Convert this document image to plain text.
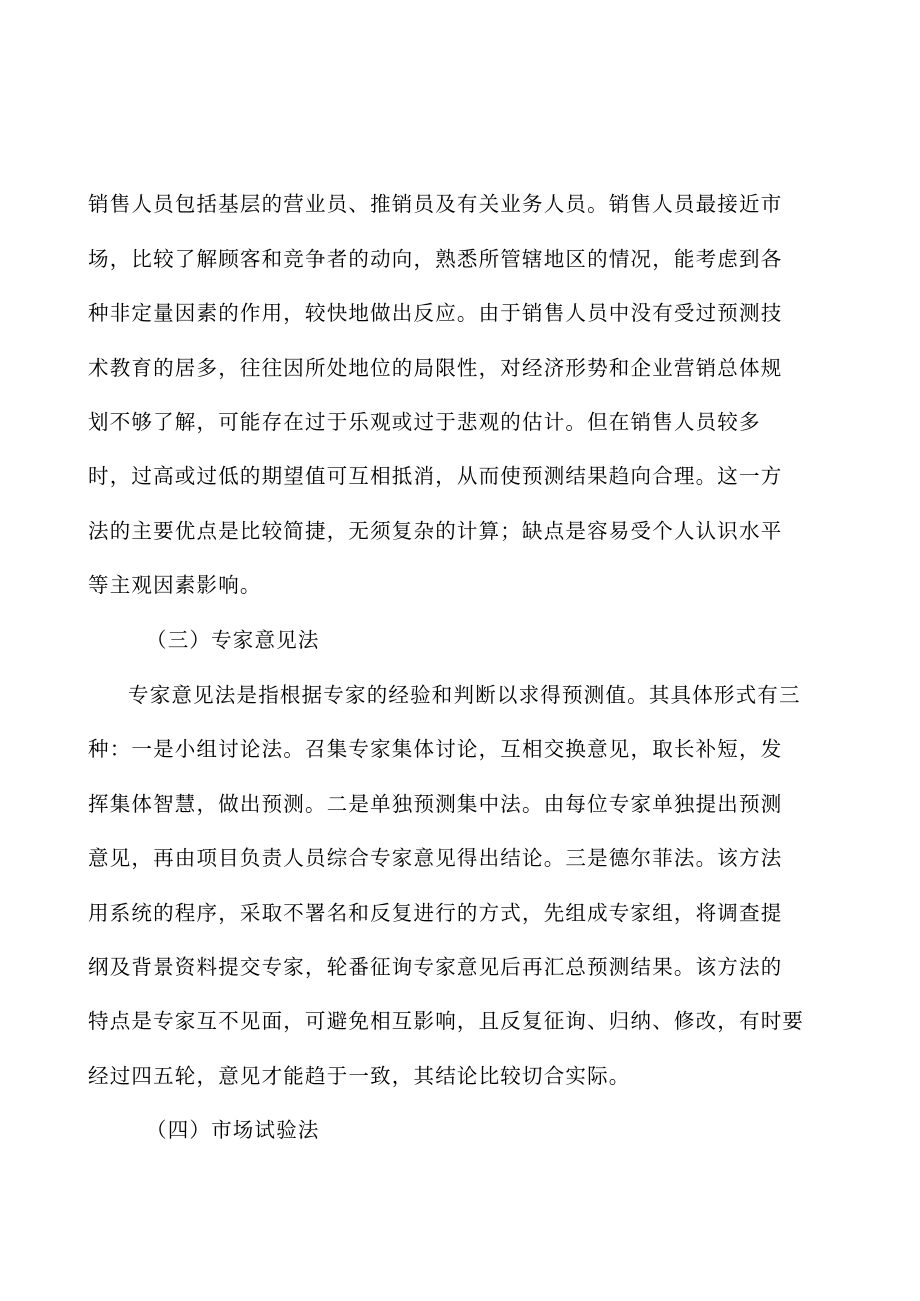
销售人员包括基层的营业员、推销员及有关业务人员。销售人员最接近市
场，比较了解顾客和竞争者的动向，熟悉所管辖地区的情况，能考虑到各
种非定量因素的作用，较快地做出反应。由于销售人员中没有受过预测技
术教育的居多，往往因所处地位的局限性，对经济形势和企业营销总体规
划不够了解，可能存在过于乐观或过于悲观的估计。但在销售人员较多
时，过高或过低的期望值可互相抵消，从而使预测结果趋向合理。这一方
法的主要优点是比较简捷，无须复杂的计算；缺点是容易受个人认识水平
等主观因素影响。
（三）专家意见法
专家意见法是指根据专家的经验和判断以求得预测值。其具体形式有三
种：一是小组讨论法。召集专家集体讨论，互相交换意见，取长补短，发
挥集体智慧，做出预测。二是单独预测集中法。由每位专家单独提出预测
意见，再由项目负责人员综合专家意见得出结论。三是德尔菲法。该方法
用系统的程序，采取不署名和反复进行的方式，先组成专家组，将调查提
纲及背景资料提交专家，轮番征询专家意见后再汇总预测结果。该方法的
特点是专家互不见面，可避免相互影响，且反复征询、归纳、修改，有时要
经过四五轮，意见才能趋于一致，其结论比较切合实际。
（四）市场试验法
